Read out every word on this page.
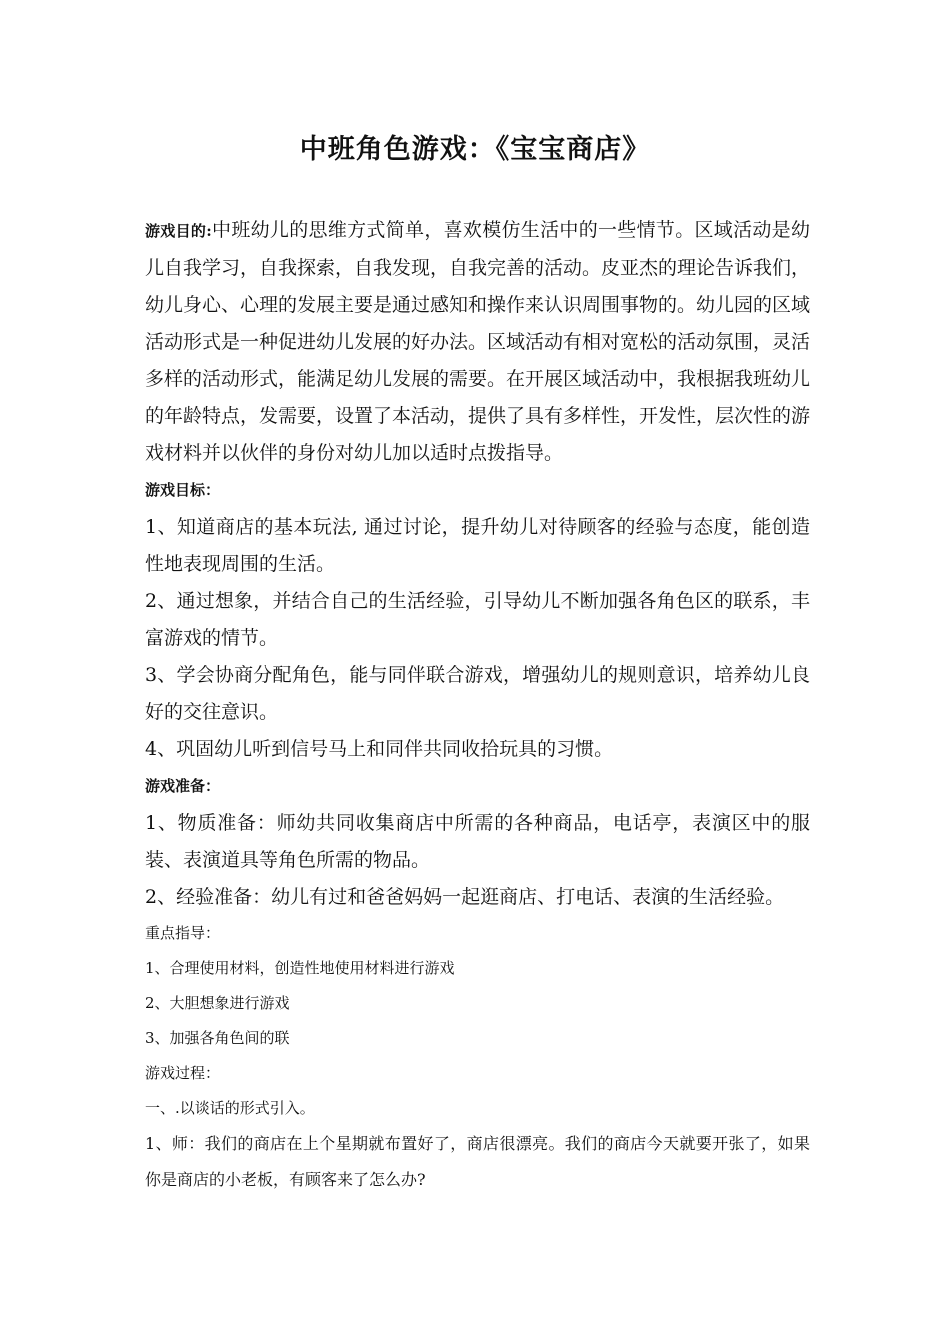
中班角色游戏：《宝宝商店》

游戏目的:中班幼儿的思维方式简单，喜欢模仿生活中的一些情节。区域活动是幼儿自我学习，自我探索，自我发现，自我完善的活动。皮亚杰的理论告诉我们，幼儿身心、心理的发展主要是通过感知和操作来认识周围事物的。幼儿园的区域活动形式是一种促进幼儿发展的好办法。区域活动有相对宽松的活动氛围，灵活多样的活动形式，能满足幼儿发展的需要。在开展区域活动中，我根据我班幼儿的年龄特点，发需要，设置了本活动，提供了具有多样性，开发性，层次性的游戏材料并以伙伴的身份对幼儿加以适时点拨指导。

游戏目标：

1、知道商店的基本玩法, 通过讨论，提升幼儿对待顾客的经验与态度，能创造性地表现周围的生活。

2、通过想象，并结合自己的生活经验，引导幼儿不断加强各角色区的联系，丰富游戏的情节。

3、学会协商分配角色，能与同伴联合游戏，增强幼儿的规则意识，培养幼儿良好的交往意识。

4、巩固幼儿听到信号马上和同伴共同收拾玩具的习惯。

游戏准备：

1、物质准备：师幼共同收集商店中所需的各种商品，电话亭，表演区中的服装、表演道具等角色所需的物品。

2、经验准备：幼儿有过和爸爸妈妈一起逛商店、打电话、表演的生活经验。

重点指导：

1、合理使用材料，创造性地使用材料进行游戏

2、大胆想象进行游戏

3、加强各角色间的联

游戏过程：

一、.以谈话的形式引入。

1、师：我们的商店在上个星期就布置好了，商店很漂亮。我们的商店今天就要开张了，如果你是商店的小老板，有顾客来了怎么办?
